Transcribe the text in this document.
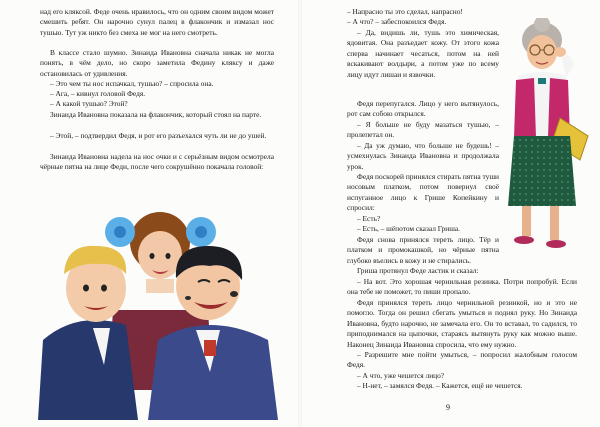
над его кляксой. Феде очень нравилось, что он одним своим видом может смешить ребят. Он нарочно сунул палец в флакончик и измазал нос тушью. Тут уж никто без смеха не мог на него смотреть.

В классе стало шумно. Зинаида Ивановна сначала никак не могла понять, в чём дело, но скоро заметила Федину кляксу и даже остановилась от удивления.

– Это чем ты нос испачкал, тушью? – спросила она.

– Ага, – кивнул головой Федя.

– А какой тушью? Этой?

Зинаида Ивановна показала на флакончик, который стоял на парте.

– Этой, – подтвердил Федя, и рот его разъехался чуть ли не до ушей.

Зинаида Ивановна надела на нос очки и с серьёзным видом осмотрела чёрные пятна на лице Феди, после чего сокрушённо покачала головой:

– Напрасно ты это сделал, напрасно!

– А что? – забеспокоился Федя.

– Да, видишь ли, тушь это химическая, ядовитая. Она разъедает кожу. От этого кожа сперва начинает чесаться, потом на ней вскакивают волдыри, а потом уже по всему лицу идут лишаи и язвочки.

Федя перепугался. Лицо у него вытянулось, рот сам собою открылся.

– Я больше не буду мазаться тушью, – пролепетал он.

– Да уж думаю, что больше не будешь! – усмехнулась Зинаида Ивановна и продолжала урок.

Федя поскорей принялся стирать пятна туши носовым платком, потом повернул своё испуганное лицо к Грише Копейкину и спросил:

– Есть?

– Есть, – шёпотом сказал Гриша.

Федя снова принялся тереть лицо. Тёр и платком и промокашкой, но чёрные пятна глубоко въелись в кожу и не стирались.

Гриша протянул Феде ластик и сказал:

– На вот. Это хорошая чернильная резинка. Потри попробуй. Если она тебе не поможет, то пиши пропало.

Федя принялся тереть лицо чернильной резинкой, но и это не помогло. Тогда он решил сбегать умыться и поднял руку. Но Зинаида Ивановна, будто нарочно, не замечала его. Он то вставал, то садился, то приподнимался на цыпочки, стараясь вытянуть руку как можно выше. Наконец Зинаида Ивановна спросила, что ему нужно.

– Разрешите мне пойти умыться, – попросил жалобным голосом Федя.

– А что, уже чешется лицо?

– Н-нет, – замялся Федя. – Кажется, ещё не чешется.

9
